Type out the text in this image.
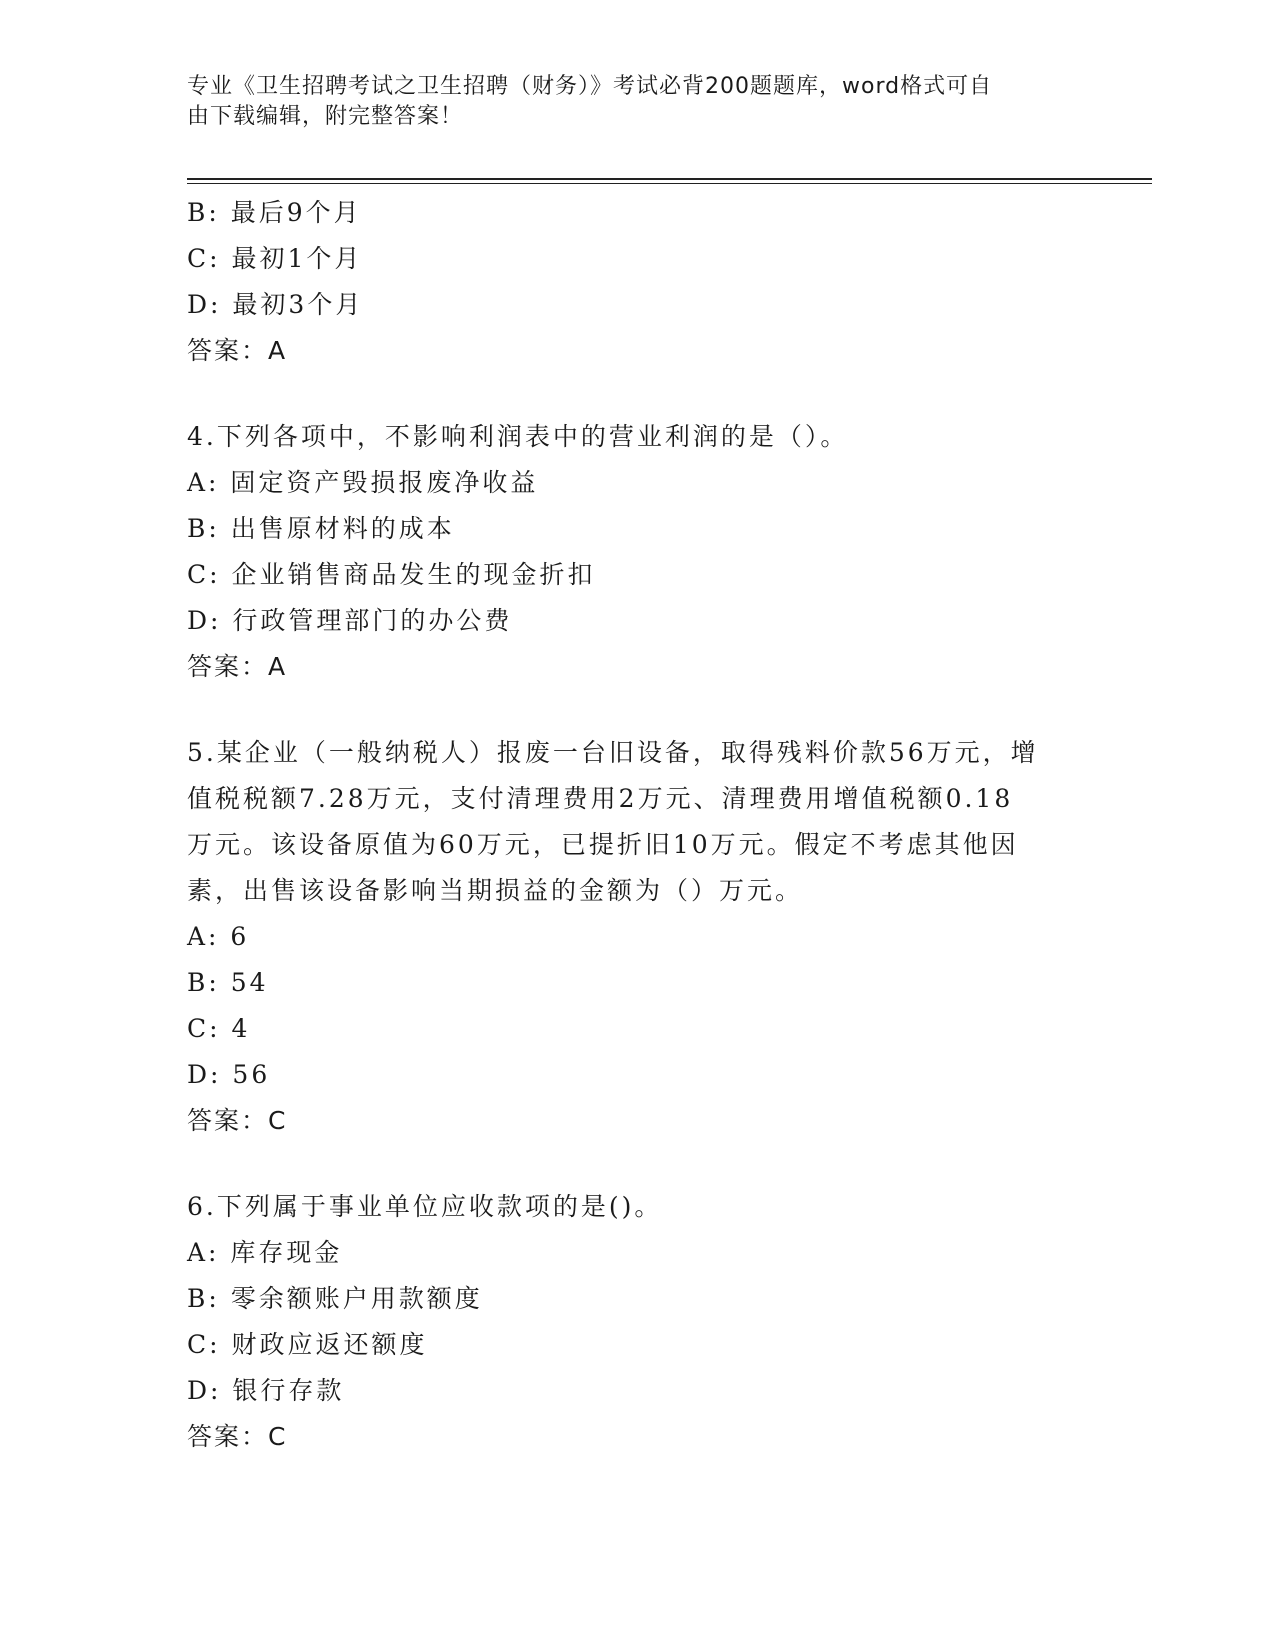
专业《卫生招聘考试之卫生招聘（财务）》考试必背200题题库，word格式可自
由下载编辑，附完整答案！
B: 最后9个月
C: 最初1个月
D: 最初3个月
答案：A
4.下列各项中，不影响利润表中的营业利润的是（）。
A: 固定资产毁损报废净收益
B: 出售原材料的成本
C: 企业销售商品发生的现金折扣
D: 行政管理部门的办公费
答案：A
5.某企业（一般纳税人）报废一台旧设备，取得残料价款56万元，增
值税税额7.28万元，支付清理费用2万元、清理费用增值税额0.18
万元。该设备原值为60万元，已提折旧10万元。假定不考虑其他因
素，出售该设备影响当期损益的金额为（）万元。
A: 6
B: 54
C: 4
D: 56
答案：C
6.下列属于事业单位应收款项的是()。
A: 库存现金
B: 零余额账户用款额度
C: 财政应返还额度
D: 银行存款
答案：C
